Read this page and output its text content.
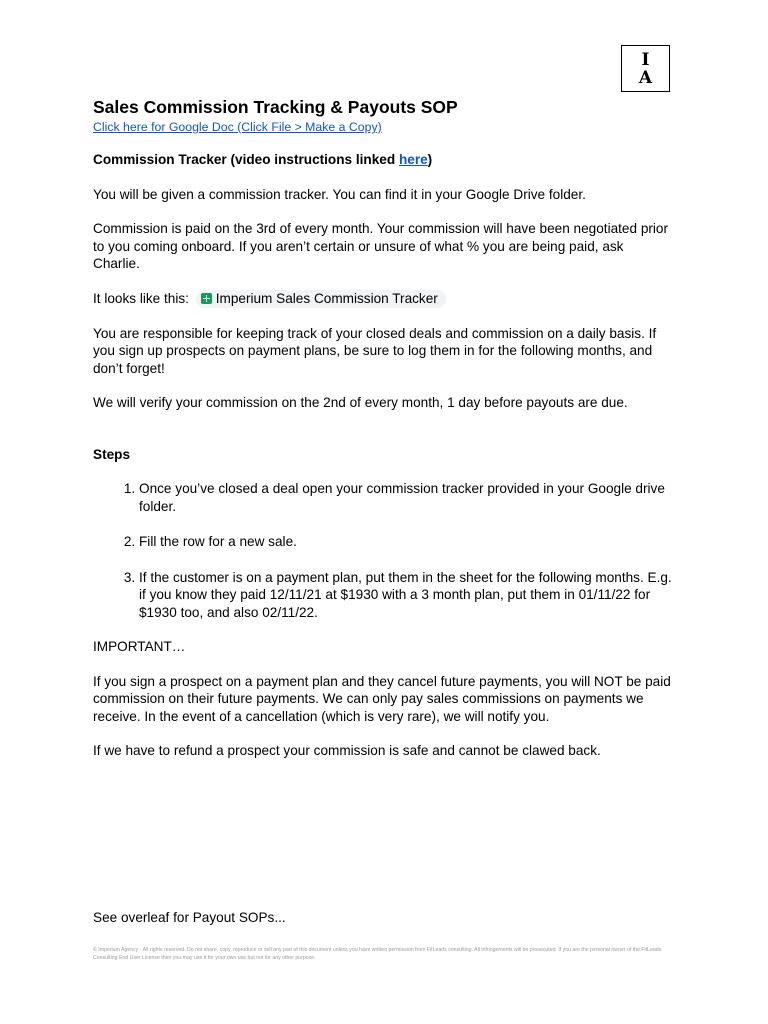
I
A
Sales Commission Tracking & Payouts SOP
Click here for Google Doc (Click File > Make a Copy)

Commission Tracker (video instructions linked here)

You will be given a commission tracker. You can find it in your Google Drive folder.

Commission is paid on the 3rd of every month. Your commission will have been negotiated prior to you coming onboard. If you aren’t certain or unsure of what % you are being paid, ask Charlie.

It looks like this: Imperium Sales Commission Tracker

You are responsible for keeping track of your closed deals and commission on a daily basis. If you sign up prospects on payment plans, be sure to log them in for the following months, and don’t forget!

We will verify your commission on the 2nd of every month, 1 day before payouts are due.

Steps

1. Once you’ve closed a deal open your commission tracker provided in your Google drive folder.
2. Fill the row for a new sale.
3. If the customer is on a payment plan, put them in the sheet for the following months. E.g. if you know they paid 12/11/21 at $1930 with a 3 month plan, put them in 01/11/22 for $1930 too, and also 02/11/22.

IMPORTANT…

If you sign a prospect on a payment plan and they cancel future payments, you will NOT be paid commission on their future payments. We can only pay sales commissions on payments we receive. In the event of a cancellation (which is very rare), we will notify you.

If we have to refund a prospect your commission is safe and cannot be clawed back.

See overleaf for Payout SOPs...

© Imperium Agency - All rights reserved. Do not share, copy, reproduce or sell any part of this document unless you have written permission from FitLeads consulting. All infringements will be prosecuted. If you are the personal owner of the FitLeads Consulting End User License then you may use it for your own use but not for any other purpose.
